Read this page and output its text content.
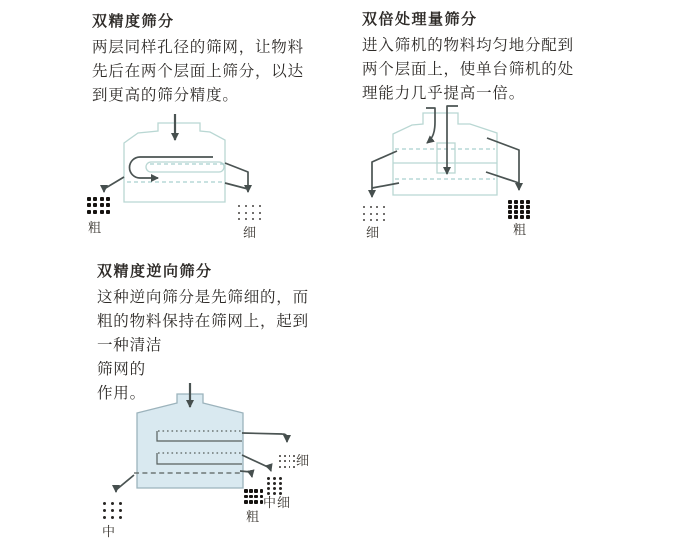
双精度筛分
两层同样孔径的筛网，让物料
先后在两个层面上筛分，以达
到更高的筛分精度。
双倍处理量筛分
进入筛机的物料均匀地分配到
两个层面上，使单台筛机的处
理能力几乎提高一倍。
双精度逆向筛分
这种逆向筛分是先筛细的，而
粗的物料保持在筛网上，起到
一种清洁
筛网的
作用。
粗	细	细	粗
细
中细
粗
中
